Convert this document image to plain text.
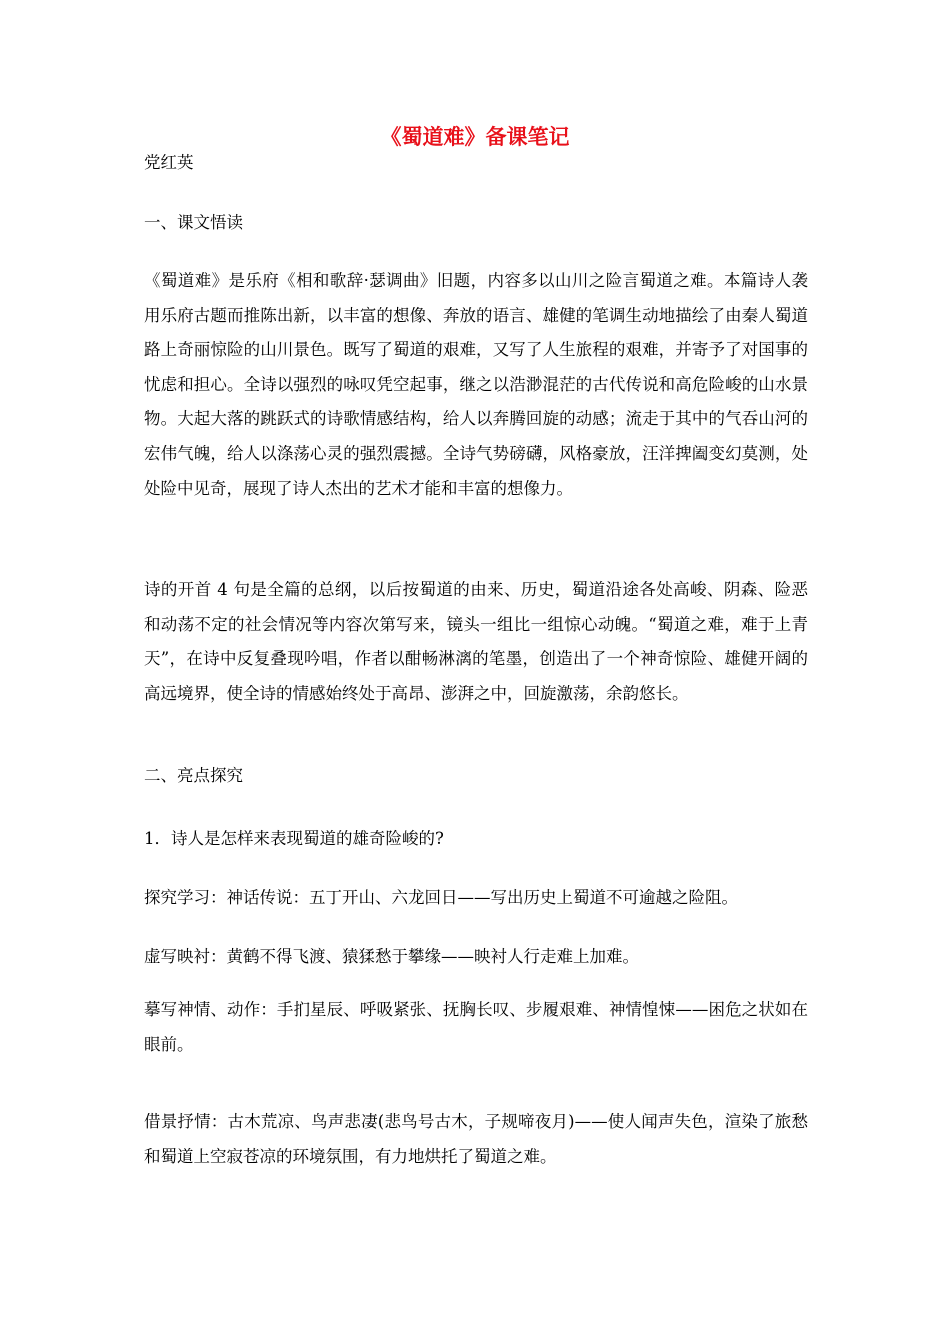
《蜀道难》备课笔记

党红英

一、课文悟读

《蜀道难》是乐府《相和歌辞·瑟调曲》旧题，内容多以山川之险言蜀道之难。本篇诗人袭用乐府古题而推陈出新，以丰富的想像、奔放的语言、雄健的笔调生动地描绘了由秦人蜀道路上奇丽惊险的山川景色。既写了蜀道的艰难，又写了人生旅程的艰难，并寄予了对国事的忧虑和担心。全诗以强烈的咏叹凭空起事，继之以浩渺混茫的古代传说和高危险峻的山水景物。大起大落的跳跃式的诗歌情感结构，给人以奔腾回旋的动感；流走于其中的气吞山河的宏伟气魄，给人以涤荡心灵的强烈震撼。全诗气势磅礴，风格豪放，汪洋捭阖变幻莫测，处处险中见奇，展现了诗人杰出的艺术才能和丰富的想像力。

诗的开首 4 句是全篇的总纲，以后按蜀道的由来、历史，蜀道沿途各处高峻、阴森、险恶和动荡不定的社会情况等内容次第写来，镜头一组比一组惊心动魄。“蜀道之难，难于上青天”，在诗中反复叠现吟唱，作者以酣畅淋漓的笔墨，创造出了一个神奇惊险、雄健开阔的高远境界，使全诗的情感始终处于高昂、澎湃之中，回旋激荡，余韵悠长。

二、亮点探究

1．诗人是怎样来表现蜀道的雄奇险峻的?

探究学习：神话传说：五丁开山、六龙回日——写出历史上蜀道不可逾越之险阻。

虚写映衬：黄鹤不得飞渡、猿猱愁于攀缘——映衬人行走难上加难。

摹写神情、动作：手扪星辰、呼吸紧张、抚胸长叹、步履艰难、神情惶悚——困危之状如在眼前。

借景抒情：古木荒凉、鸟声悲凄(悲鸟号古木，子规啼夜月)——使人闻声失色，渲染了旅愁和蜀道上空寂苍凉的环境氛围，有力地烘托了蜀道之难。
